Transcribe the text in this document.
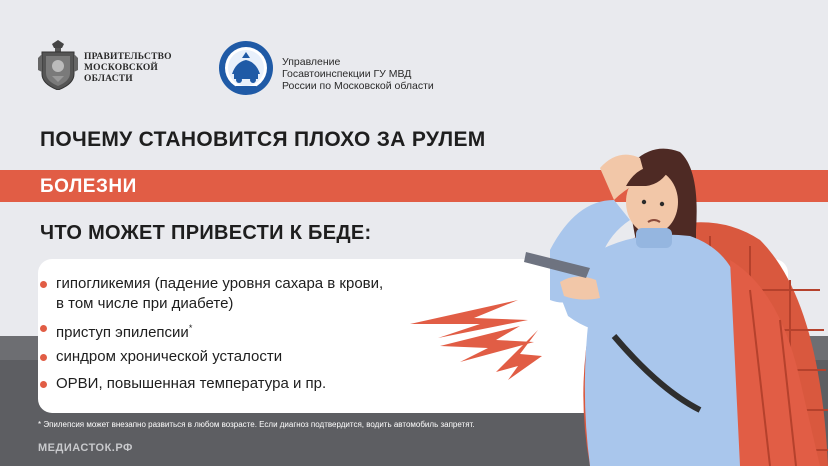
ПРАВИТЕЛЬСТВО
МОСКОВСКОЙ
ОБЛАСТИ
Управление
Госавтоинспекции ГУ МВД
России по Московской области
ПОЧЕМУ СТАНОВИТСЯ ПЛОХО ЗА РУЛЕМ
БОЛЕЗНИ
ЧТО МОЖЕТ ПРИВЕСТИ К БЕДЕ:
гипогликемия (падение уровня сахара в крови,
в том числе при диабете)
приступ эпилепсии*
синдром хронической усталости
ОРВИ, повышенная температура и пр.
* Эпилепсия может внезапно развиться в любом возрасте. Если диагноз подтвердится, водить автомобиль запретят.
МЕДИАСТОК.РФ
